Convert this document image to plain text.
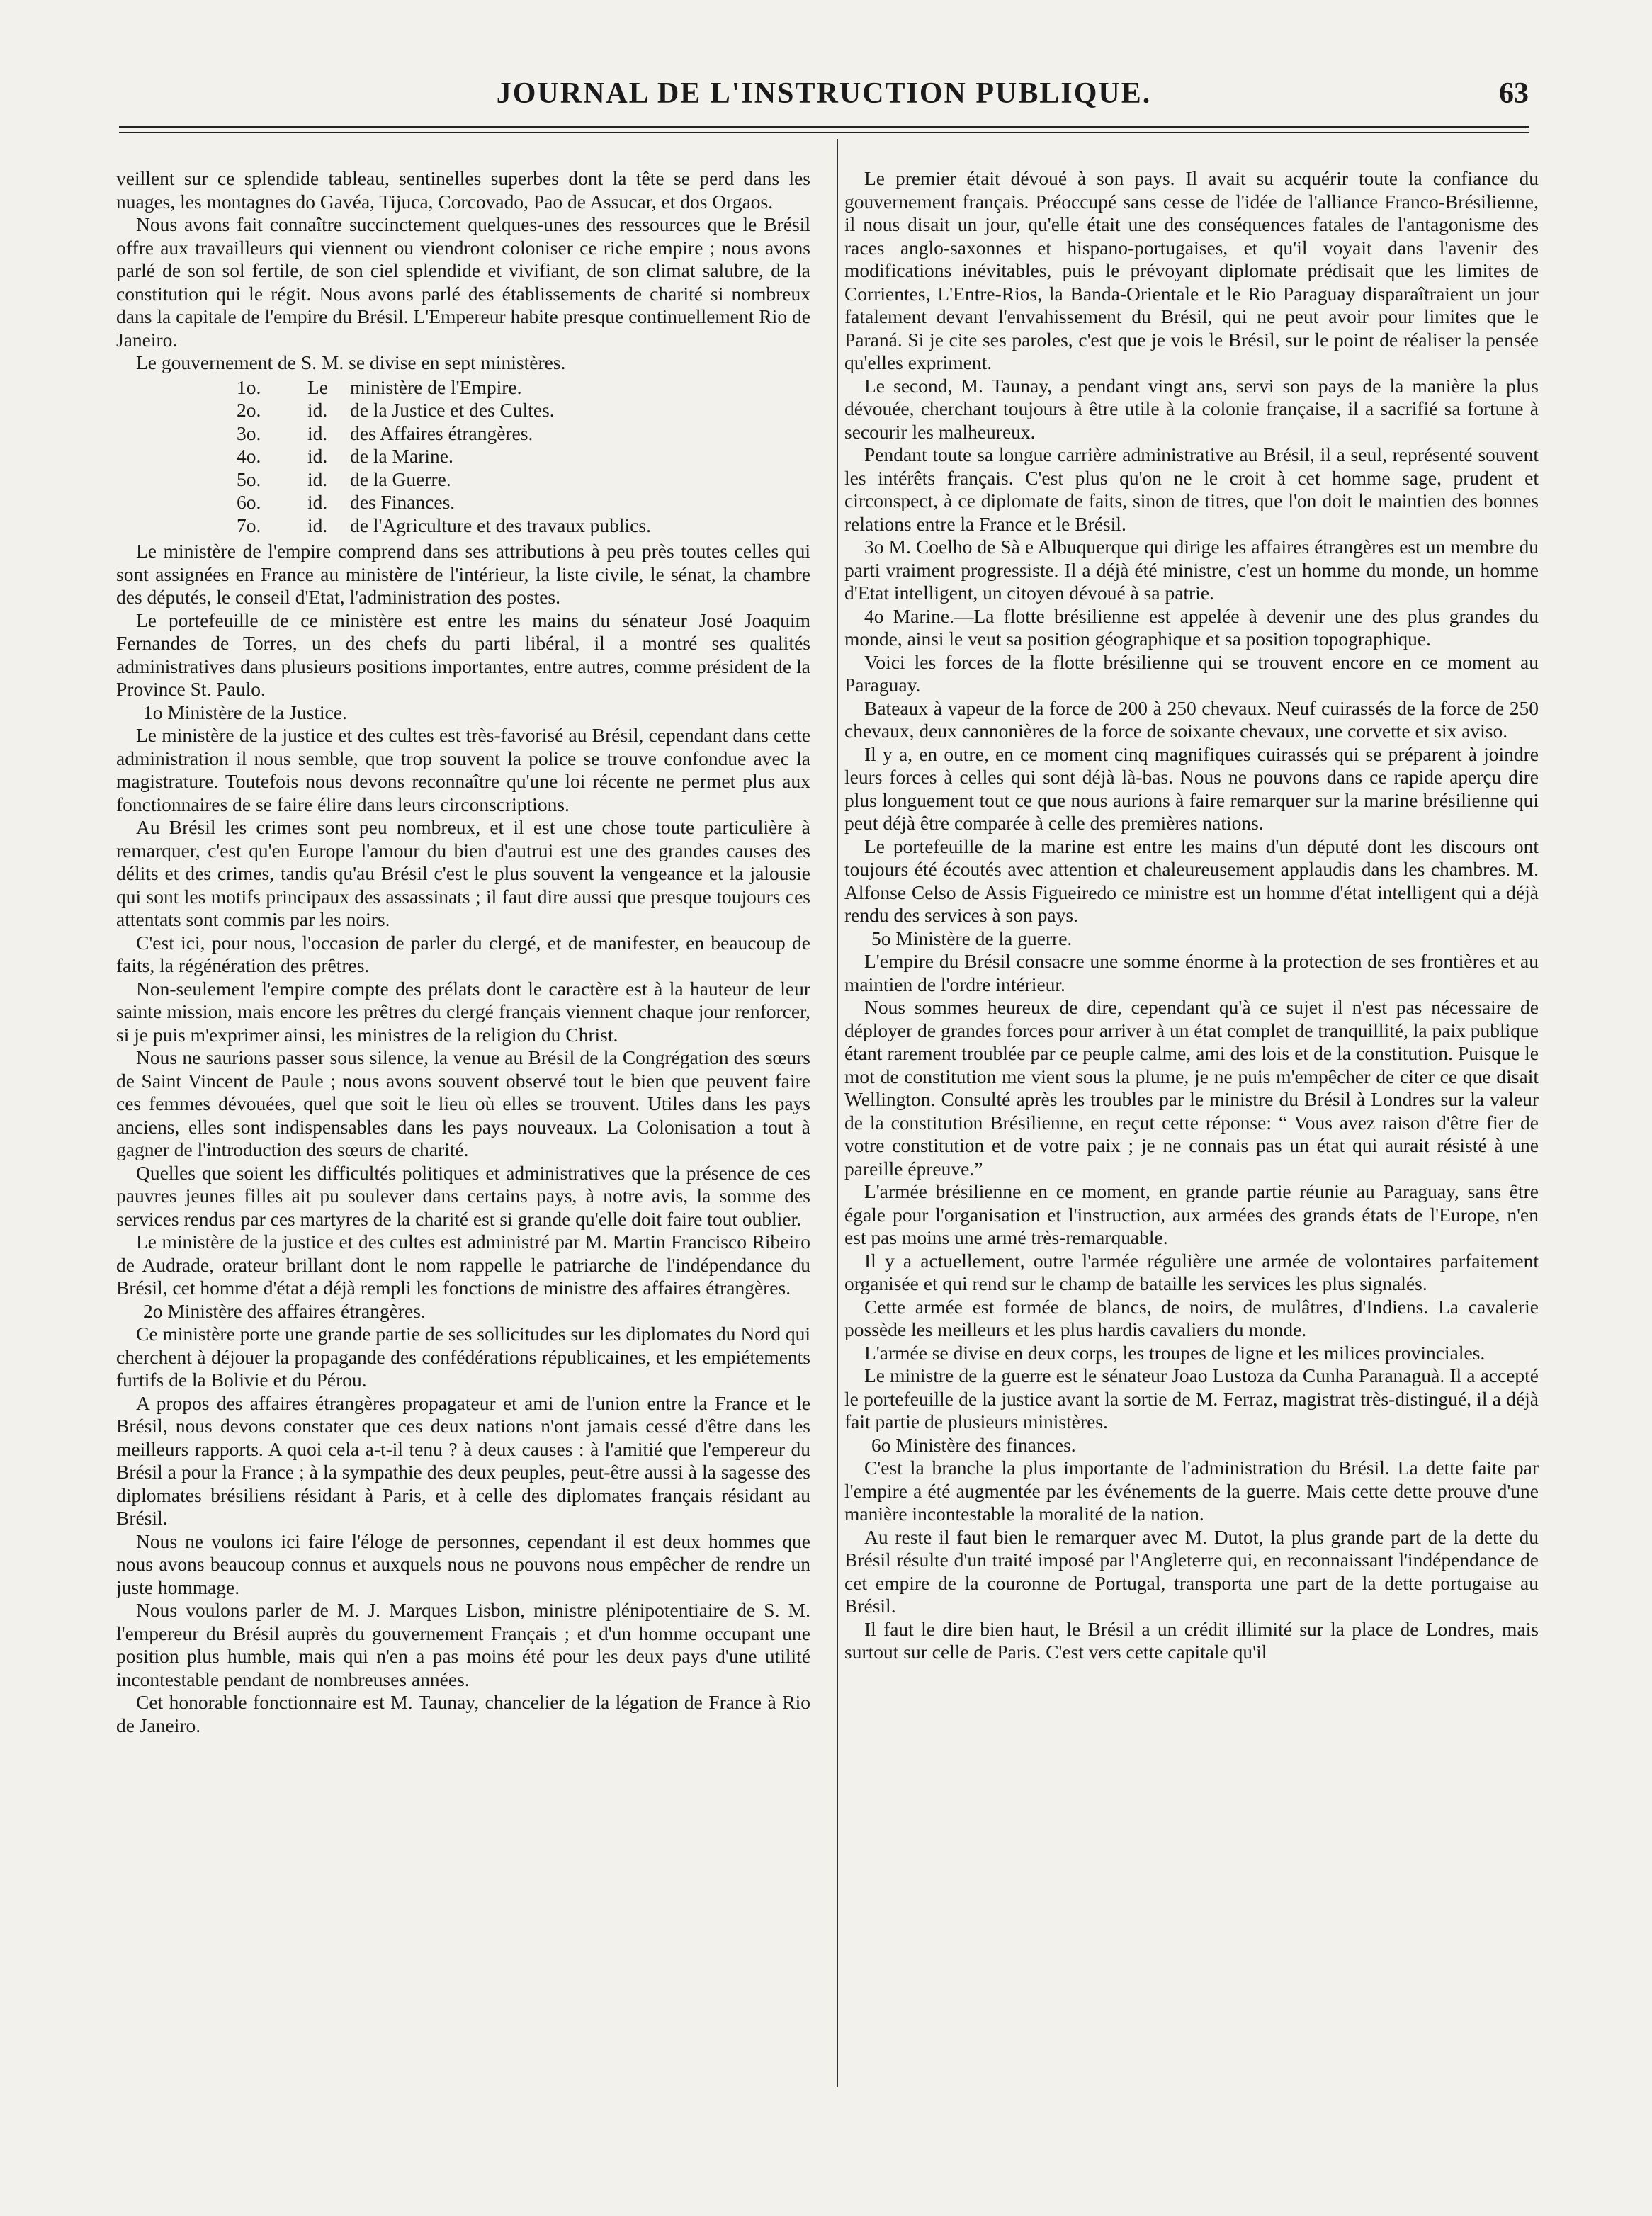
JOURNAL DE L'INSTRUCTION PUBLIQUE.	63

veillent sur ce splendide tableau, sentinelles superbes dont la tête se perd dans les nuages, les montagnes do Gavéa, Tijuca, Corcovado, Pao de Assucar, et dos Orgaos.

Nous avons fait connaître succinctement quelques-unes des ressources que le Brésil offre aux travailleurs qui viennent ou viendront coloniser ce riche empire ; nous avons parlé de son sol fertile, de son ciel splendide et vivifiant, de son climat salubre, de la constitution qui le régit. Nous avons parlé des établissements de charité si nombreux dans la capitale de l'empire du Brésil. L'Empereur habite presque continuellement Rio de Janeiro.

Le gouvernement de S. M. se divise en sept ministères.

1o.	Le	ministère de l'Empire.
2o.	id.	de la Justice et des Cultes.
3o.	id.	des Affaires étrangères.
4o.	id.	de la Marine.
5o.	id.	de la Guerre.
6o.	id.	des Finances.
7o.	id.	de l'Agriculture et des travaux publics.

Le ministère de l'empire comprend dans ses attributions à peu près toutes celles qui sont assignées en France au ministère de l'intérieur, la liste civile, le sénat, la chambre des députés, le conseil d'Etat, l'administration des postes.

Le portefeuille de ce ministère est entre les mains du sénateur José Joaquim Fernandes de Torres, un des chefs du parti libéral, il a montré ses qualités administratives dans plusieurs positions importantes, entre autres, comme président de la Province St. Paulo.

1o Ministère de la Justice.

Le ministère de la justice et des cultes est très-favorisé au Brésil, cependant dans cette administration il nous semble, que trop souvent la police se trouve confondue avec la magistrature. Toutefois nous devons reconnaître qu'une loi récente ne permet plus aux fonctionnaires de se faire élire dans leurs circonscriptions.

Au Brésil les crimes sont peu nombreux, et il est une chose toute particulière à remarquer, c'est qu'en Europe l'amour du bien d'autrui est une des grandes causes des délits et des crimes, tandis qu'au Brésil c'est le plus souvent la vengeance et la jalousie qui sont les motifs principaux des assassinats ; il faut dire aussi que presque toujours ces attentats sont commis par les noirs.

C'est ici, pour nous, l'occasion de parler du clergé, et de manifester, en beaucoup de faits, la régénération des prêtres.

Non-seulement l'empire compte des prélats dont le caractère est à la hauteur de leur sainte mission, mais encore les prêtres du clergé français viennent chaque jour renforcer, si je puis m'exprimer ainsi, les ministres de la religion du Christ.

Nous ne saurions passer sous silence, la venue au Brésil de la Congrégation des sœurs de Saint Vincent de Paule ; nous avons souvent observé tout le bien que peuvent faire ces femmes dévouées, quel que soit le lieu où elles se trouvent. Utiles dans les pays anciens, elles sont indispensables dans les pays nouveaux. La Colonisation a tout à gagner de l'introduction des sœurs de charité.

Quelles que soient les difficultés politiques et administratives que la présence de ces pauvres jeunes filles ait pu soulever dans certains pays, à notre avis, la somme des services rendus par ces martyres de la charité est si grande qu'elle doit faire tout oublier.

Le ministère de la justice et des cultes est administré par M. Martin Francisco Ribeiro de Audrade, orateur brillant dont le nom rappelle le patriarche de l'indépendance du Brésil, cet homme d'état a déjà rempli les fonctions de ministre des affaires étrangères.

2o Ministère des affaires étrangères.

Ce ministère porte une grande partie de ses sollicitudes sur les diplomates du Nord qui cherchent à déjouer la propagande des confédérations républicaines, et les empiétements furtifs de la Bolivie et du Pérou.

A propos des affaires étrangères propagateur et ami de l'union entre la France et le Brésil, nous devons constater que ces deux nations n'ont jamais cessé d'être dans les meilleurs rapports. A quoi cela a-t-il tenu ? à deux causes : à l'amitié que l'empereur du Brésil a pour la France ; à la sympathie des deux peuples, peut-être aussi à la sagesse des diplomates brésiliens résidant à Paris, et à celle des diplomates français résidant au Brésil.

Nous ne voulons ici faire l'éloge de personnes, cependant il est deux hommes que nous avons beaucoup connus et auxquels nous ne pouvons nous empêcher de rendre un juste hommage.

Nous voulons parler de M. J. Marques Lisbon, ministre plénipotentiaire de S. M. l'empereur du Brésil auprès du gouvernement Français ; et d'un homme occupant une position plus humble, mais qui n'en a pas moins été pour les deux pays d'une utilité incontestable pendant de nombreuses années.

Cet honorable fonctionnaire est M. Taunay, chancelier de la légation de France à Rio de Janeiro.

Le premier était dévoué à son pays. Il avait su acquérir toute la confiance du gouvernement français. Préoccupé sans cesse de l'idée de l'alliance Franco-Brésilienne, il nous disait un jour, qu'elle était une des conséquences fatales de l'antagonisme des races anglo-saxonnes et hispano-portugaises, et qu'il voyait dans l'avenir des modifications inévitables, puis le prévoyant diplomate prédisait que les limites de Corrientes, L'Entre-Rios, la Banda-Orientale et le Rio Paraguay disparaîtraient un jour fatalement devant l'envahissement du Brésil, qui ne peut avoir pour limites que le Paraná. Si je cite ses paroles, c'est que je vois le Brésil, sur le point de réaliser la pensée qu'elles expriment.

Le second, M. Taunay, a pendant vingt ans, servi son pays de la manière la plus dévouée, cherchant toujours à être utile à la colonie française, il a sacrifié sa fortune à secourir les malheureux.

Pendant toute sa longue carrière administrative au Brésil, il a seul, représenté souvent les intérêts français. C'est plus qu'on ne le croit à cet homme sage, prudent et circonspect, à ce diplomate de faits, sinon de titres, que l'on doit le maintien des bonnes relations entre la France et le Brésil.

3o M. Coelho de Sà e Albuquerque qui dirige les affaires étrangères est un membre du parti vraiment progressiste. Il a déjà été ministre, c'est un homme du monde, un homme d'Etat intelligent, un citoyen dévoué à sa patrie.

4o Marine.—La flotte brésilienne est appelée à devenir une des plus grandes du monde, ainsi le veut sa position géographique et sa position topographique.

Voici les forces de la flotte brésilienne qui se trouvent encore en ce moment au Paraguay.

Bateaux à vapeur de la force de 200 à 250 chevaux. Neuf cuirassés de la force de 250 chevaux, deux cannonières de la force de soixante chevaux, une corvette et six aviso.

Il y a, en outre, en ce moment cinq magnifiques cuirassés qui se préparent à joindre leurs forces à celles qui sont déjà là-bas. Nous ne pouvons dans ce rapide aperçu dire plus longuement tout ce que nous aurions à faire remarquer sur la marine brésilienne qui peut déjà être comparée à celle des premières nations.

Le portefeuille de la marine est entre les mains d'un député dont les discours ont toujours été écoutés avec attention et chaleureusement applaudis dans les chambres. M. Alfonse Celso de Assis Figueiredo ce ministre est un homme d'état intelligent qui a déjà rendu des services à son pays.

5o Ministère de la guerre.

L'empire du Brésil consacre une somme énorme à la protection de ses frontières et au maintien de l'ordre intérieur.

Nous sommes heureux de dire, cependant qu'à ce sujet il n'est pas nécessaire de déployer de grandes forces pour arriver à un état complet de tranquillité, la paix publique étant rarement troublée par ce peuple calme, ami des lois et de la constitution. Puisque le mot de constitution me vient sous la plume, je ne puis m'empêcher de citer ce que disait Wellington. Consulté après les troubles par le ministre du Brésil à Londres sur la valeur de la constitution Brésilienne, en reçut cette réponse: “ Vous avez raison d'être fier de votre constitution et de votre paix ; je ne connais pas un état qui aurait résisté à une pareille épreuve.”

L'armée brésilienne en ce moment, en grande partie réunie au Paraguay, sans être égale pour l'organisation et l'instruction, aux armées des grands états de l'Europe, n'en est pas moins une armé très-remarquable.

Il y a actuellement, outre l'armée régulière une armée de volontaires parfaitement organisée et qui rend sur le champ de bataille les services les plus signalés.

Cette armée est formée de blancs, de noirs, de mulâtres, d'Indiens. La cavalerie possède les meilleurs et les plus hardis cavaliers du monde.

L'armée se divise en deux corps, les troupes de ligne et les milices provinciales.

Le ministre de la guerre est le sénateur Joao Lustoza da Cunha Paranaguà. Il a accepté le portefeuille de la justice avant la sortie de M. Ferraz, magistrat très-distingué, il a déjà fait partie de plusieurs ministères.

6o Ministère des finances.

C'est la branche la plus importante de l'administration du Brésil. La dette faite par l'empire a été augmentée par les événements de la guerre. Mais cette dette prouve d'une manière incontestable la moralité de la nation.

Au reste il faut bien le remarquer avec M. Dutot, la plus grande part de la dette du Brésil résulte d'un traité imposé par l'Angleterre qui, en reconnaissant l'indépendance de cet empire de la couronne de Portugal, transporta une part de la dette portugaise au Brésil.

Il faut le dire bien haut, le Brésil a un crédit illimité sur la place de Londres, mais surtout sur celle de Paris. C'est vers cette capitale qu'il
